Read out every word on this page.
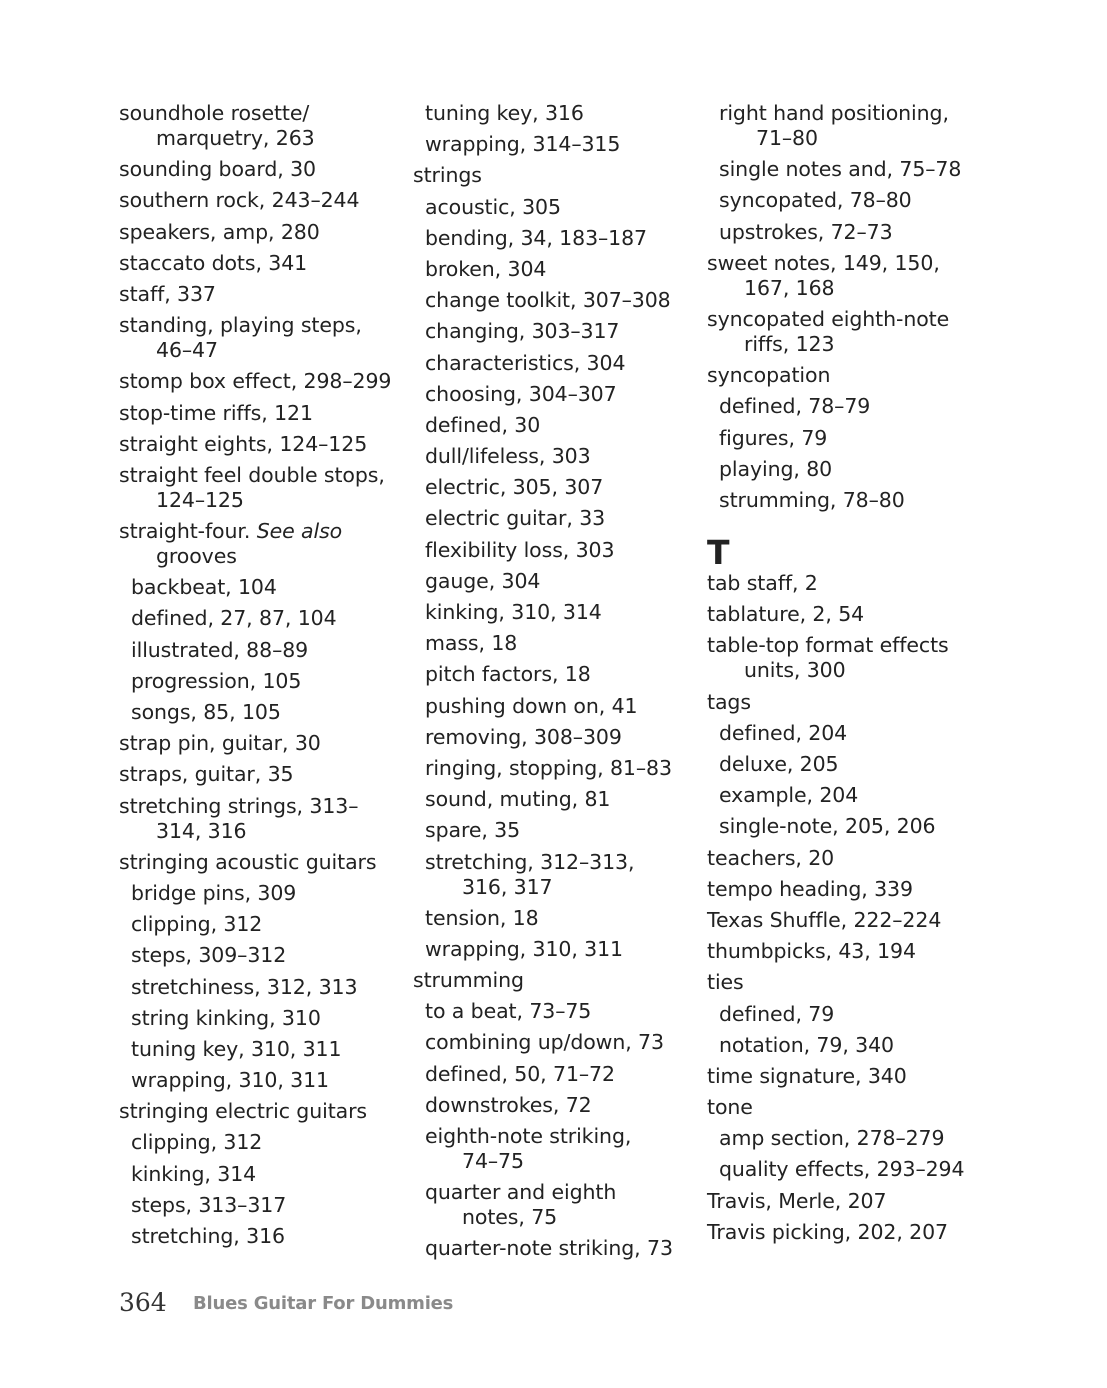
soundhole rosette/
marquetry, 263
sounding board, 30
southern rock, 243–244
speakers, amp, 280
staccato dots, 341
staff, 337
standing, playing steps,
46–47
stomp box effect, 298–299
stop-time riffs, 121
straight eights, 124–125
straight feel double stops,
124–125
straight-four. See also
grooves
backbeat, 104
defined, 27, 87, 104
illustrated, 88–89
progression, 105
songs, 85, 105
strap pin, guitar, 30
straps, guitar, 35
stretching strings, 313–
314, 316
stringing acoustic guitars
bridge pins, 309
clipping, 312
steps, 309–312
stretchiness, 312, 313
string kinking, 310
tuning key, 310, 311
wrapping, 310, 311
stringing electric guitars
clipping, 312
kinking, 314
steps, 313–317
stretching, 316
tuning key, 316
wrapping, 314–315
strings
acoustic, 305
bending, 34, 183–187
broken, 304
change toolkit, 307–308
changing, 303–317
characteristics, 304
choosing, 304–307
defined, 30
dull/lifeless, 303
electric, 305, 307
electric guitar, 33
flexibility loss, 303
gauge, 304
kinking, 310, 314
mass, 18
pitch factors, 18
pushing down on, 41
removing, 308–309
ringing, stopping, 81–83
sound, muting, 81
spare, 35
stretching, 312–313,
316, 317
tension, 18
wrapping, 310, 311
strumming
to a beat, 73–75
combining up/down, 73
defined, 50, 71–72
downstrokes, 72
eighth-note striking,
74–75
quarter and eighth
notes, 75
quarter-note striking, 73
right hand positioning,
71–80
single notes and, 75–78
syncopated, 78–80
upstrokes, 72–73
sweet notes, 149, 150,
167, 168
syncopated eighth-note
riffs, 123
syncopation
defined, 78–79
figures, 79
playing, 80
strumming, 78–80
T
tab staff, 2
tablature, 2, 54
table-top format effects
units, 300
tags
defined, 204
deluxe, 205
example, 204
single-note, 205, 206
teachers, 20
tempo heading, 339
Texas Shuffle, 222–224
thumbpicks, 43, 194
ties
defined, 79
notation, 79, 340
time signature, 340
tone
amp section, 278–279
quality effects, 293–294
Travis, Merle, 207
Travis picking, 202, 207
364 Blues Guitar For Dummies
